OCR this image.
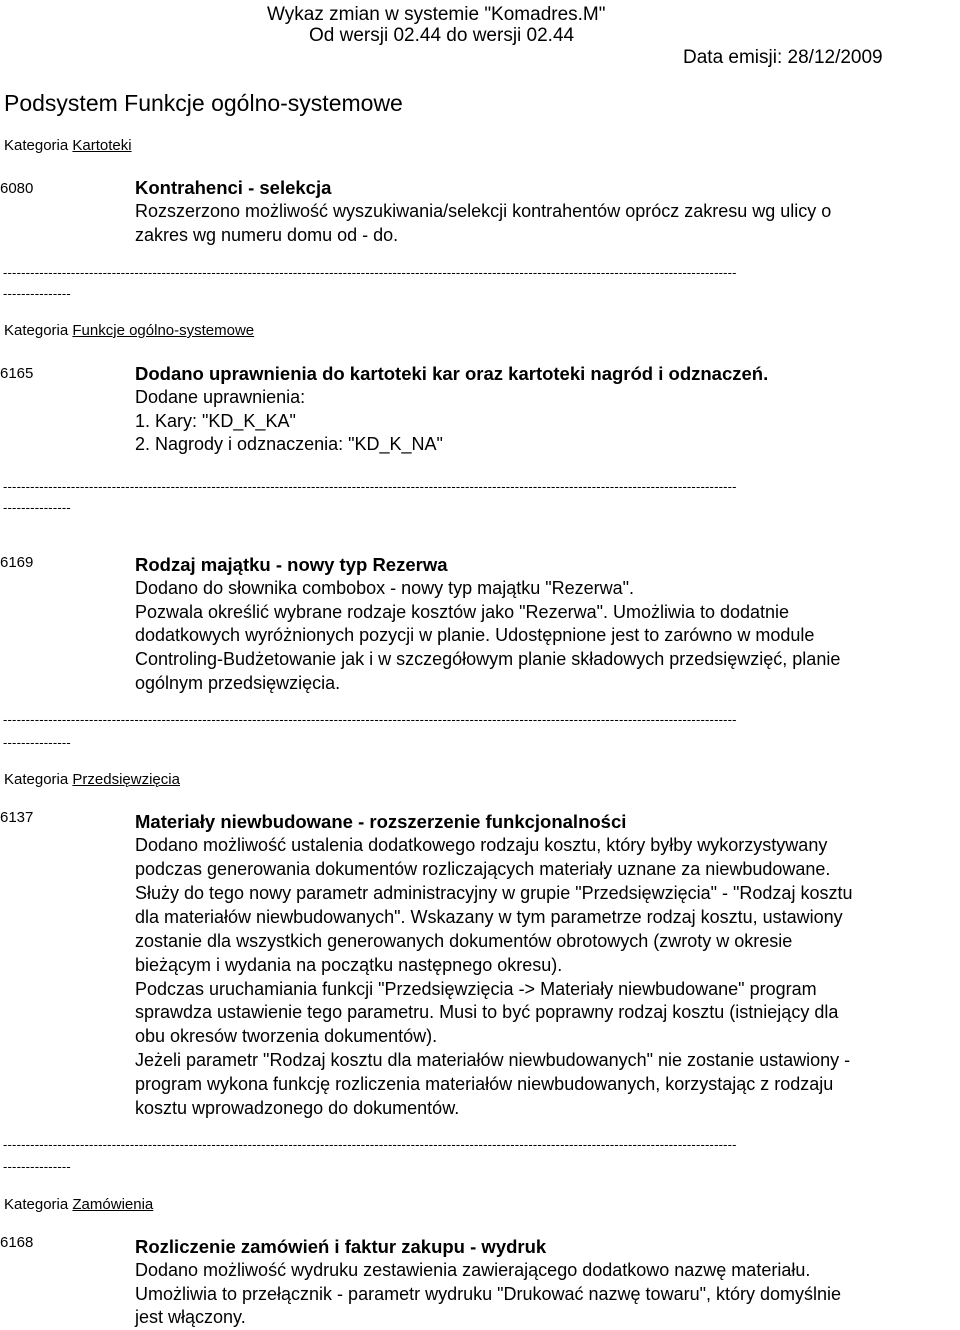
Wykaz zmian w systemie "Komadres.M"
Od wersji 02.44 do wersji 02.44
Data emisji: 28/12/2009
Podsystem Funkcje ogólno-systemowe
Kategoria Kartoteki
6080	Kontrahenci - selekcja
Rozszerzono możliwość wyszukiwania/selekcji kontrahentów oprócz zakresu wg ulicy o
zakres wg numeru domu od - do.
------------------------------------------------------------------------------------------------------------------------------------------------------------------
---------------
Kategoria Funkcje ogólno-systemowe
6165	Dodano uprawnienia do kartoteki kar oraz kartoteki nagród i odznaczeń.
Dodane uprawnienia:
1. Kary: "KD_K_KA"
2. Nagrody i odznaczenia: "KD_K_NA"
------------------------------------------------------------------------------------------------------------------------------------------------------------------
---------------
6169	Rodzaj majątku - nowy typ Rezerwa
Dodano do słownika combobox - nowy typ majątku "Rezerwa".
Pozwala określić wybrane rodzaje kosztów jako "Rezerwa". Umożliwia to dodatnie
dodatkowych wyróżnionych pozycji w planie. Udostępnione jest to zarówno w module
Controling-Budżetowanie jak i w szczegółowym planie składowych przedsięwzięć, planie
ogólnym przedsięwzięcia.
------------------------------------------------------------------------------------------------------------------------------------------------------------------
---------------
Kategoria Przedsięwzięcia
6137	Materiały niewbudowane - rozszerzenie funkcjonalności
Dodano możliwość ustalenia dodatkowego rodzaju kosztu, który byłby wykorzystywany
podczas generowania dokumentów rozliczających materiały uznane za niewbudowane.
Służy do tego nowy parametr administracyjny w grupie "Przedsięwzięcia" - "Rodzaj kosztu
dla materiałów niewbudowanych". Wskazany w tym parametrze rodzaj kosztu, ustawiony
zostanie dla wszystkich generowanych dokumentów obrotowych (zwroty w okresie
bieżącym i wydania na początku następnego okresu).
Podczas uruchamiania funkcji "Przedsięwzięcia -> Materiały niewbudowane" program
sprawdza ustawienie tego parametru. Musi to być poprawny rodzaj kosztu (istniejący dla
obu okresów tworzenia dokumentów).
Jeżeli parametr "Rodzaj kosztu dla materiałów niewbudowanych" nie zostanie ustawiony -
program wykona funkcję rozliczenia materiałów niewbudowanych, korzystając z rodzaju
kosztu wprowadzonego do dokumentów.
------------------------------------------------------------------------------------------------------------------------------------------------------------------
---------------
Kategoria Zamówienia
6168	Rozliczenie zamówień i faktur zakupu - wydruk
Dodano możliwość wydruku zestawienia zawierającego dodatkowo nazwę materiału.
Umożliwia to przełącznik - parametr wydruku "Drukować nazwę towaru", który domyślnie
jest włączony.
